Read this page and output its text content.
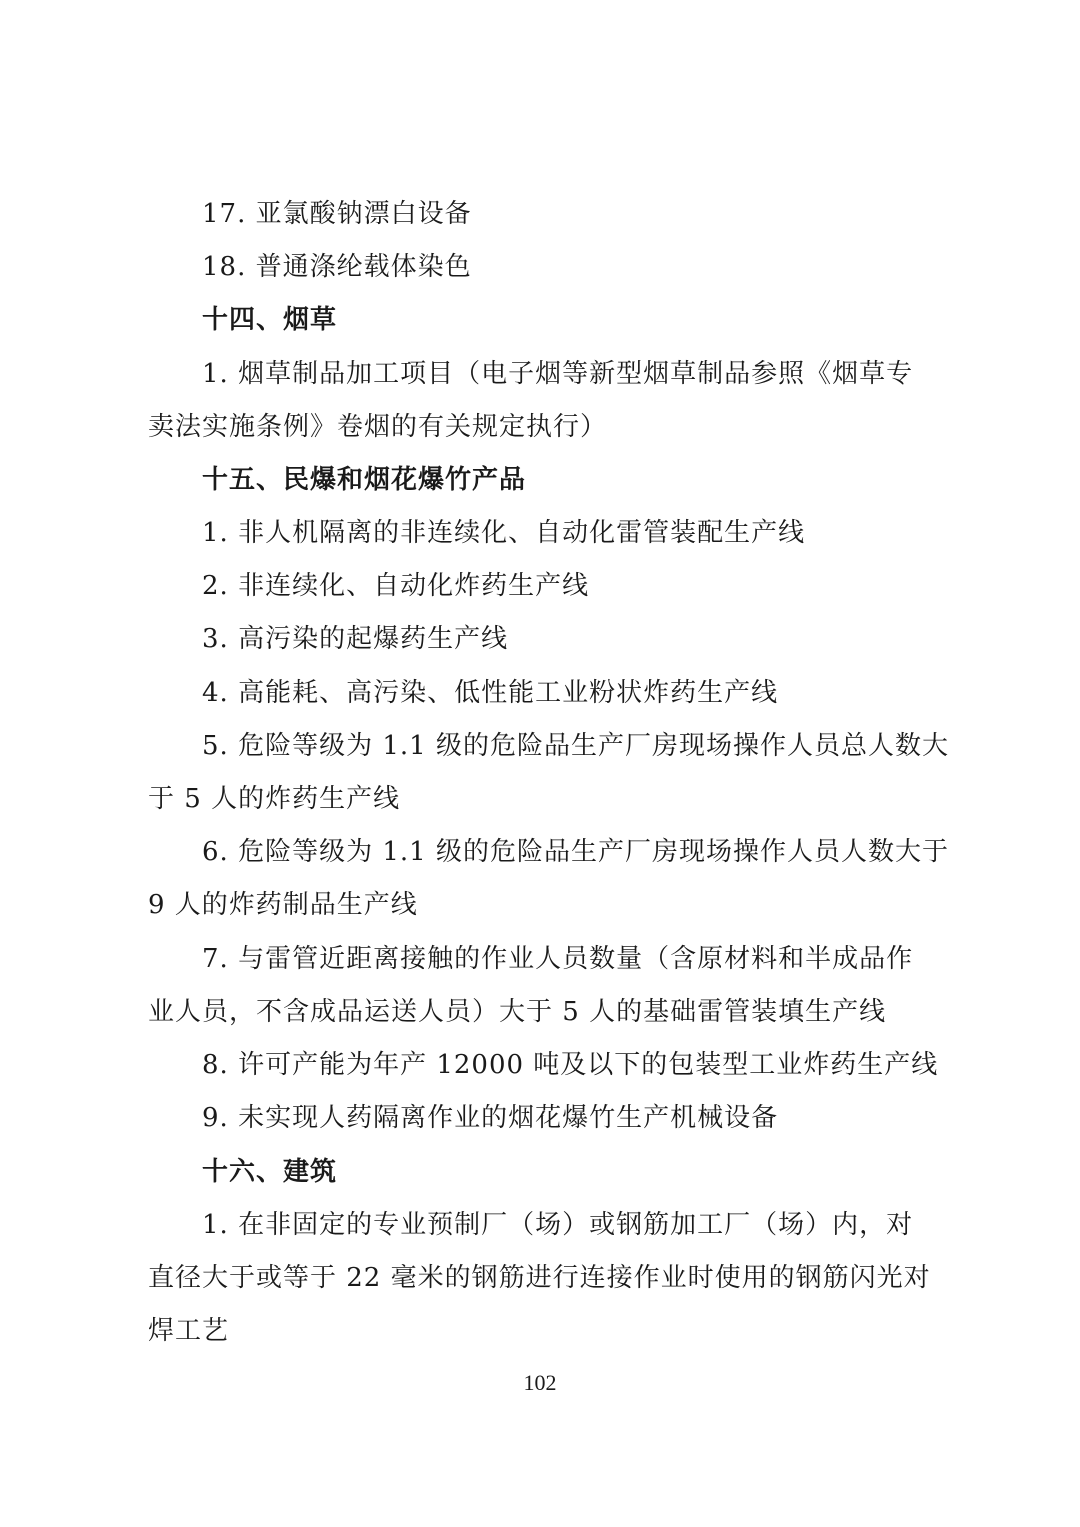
17. 亚氯酸钠漂白设备
18. 普通涤纶载体染色
十四、烟草
1. 烟草制品加工项目（电子烟等新型烟草制品参照《烟草专
卖法实施条例》卷烟的有关规定执行）
十五、民爆和烟花爆竹产品
1. 非人机隔离的非连续化、自动化雷管装配生产线
2. 非连续化、自动化炸药生产线
3. 高污染的起爆药生产线
4. 高能耗、高污染、低性能工业粉状炸药生产线
5. 危险等级为 1.1 级的危险品生产厂房现场操作人员总人数大
于 5 人的炸药生产线
6. 危险等级为 1.1 级的危险品生产厂房现场操作人员人数大于
9 人的炸药制品生产线
7. 与雷管近距离接触的作业人员数量（含原材料和半成品作
业人员，不含成品运送人员）大于 5 人的基础雷管装填生产线
8. 许可产能为年产 12000 吨及以下的包装型工业炸药生产线
9. 未实现人药隔离作业的烟花爆竹生产机械设备
十六、建筑
1. 在非固定的专业预制厂（场）或钢筋加工厂（场）内，对
直径大于或等于 22 毫米的钢筋进行连接作业时使用的钢筋闪光对
焊工艺
102
